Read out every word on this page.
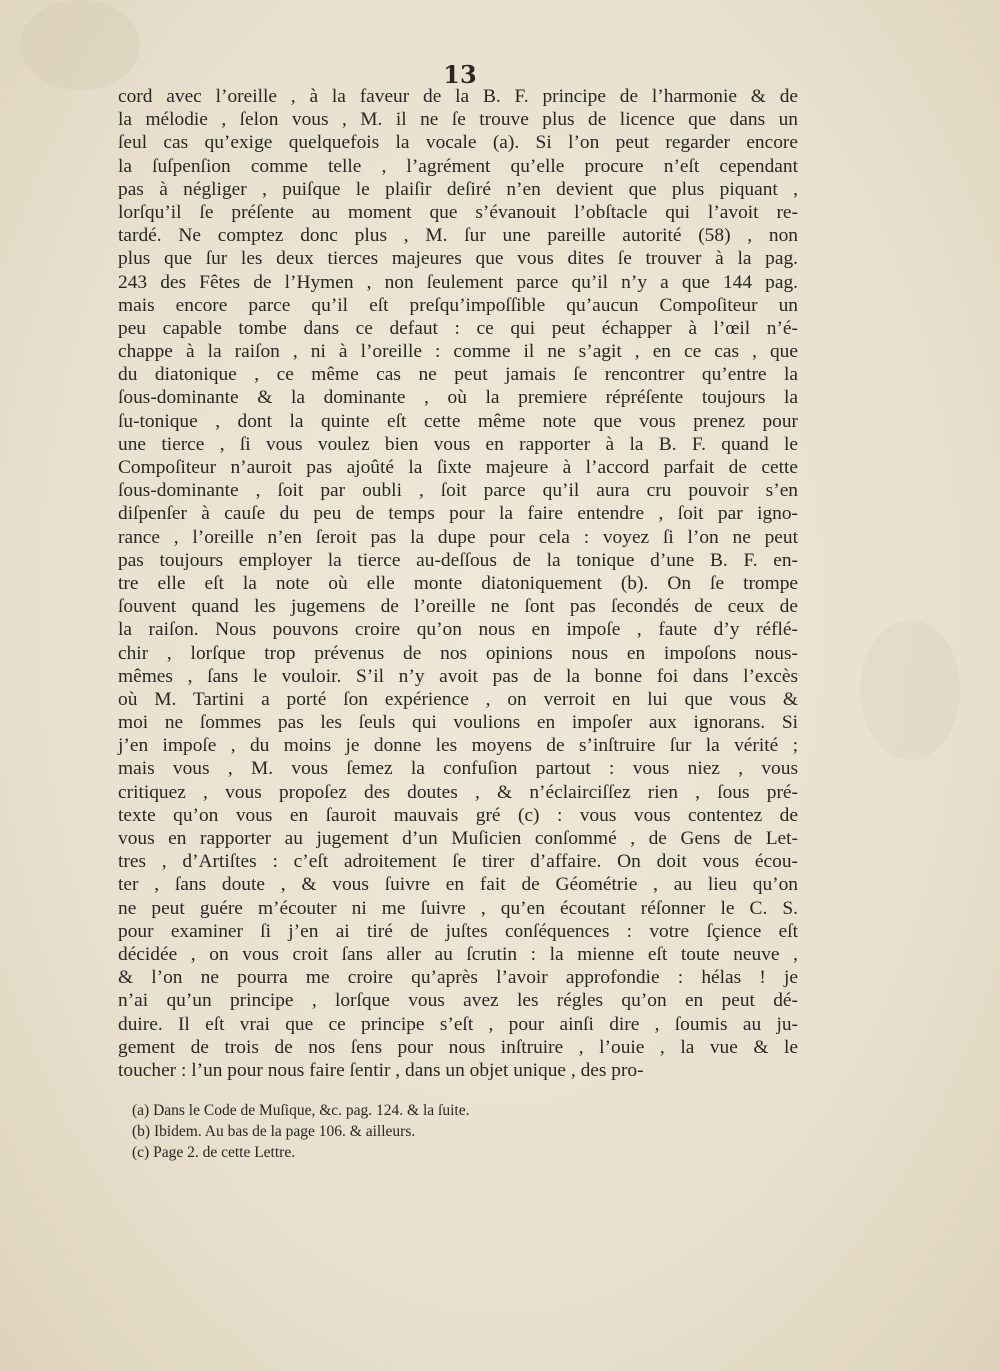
13
cord avec l’oreille , à la faveur de la B. F. principe de l’harmonie & de
la mélodie , ſelon vous , M. il ne ſe trouve plus de licence que dans un
ſeul cas qu’exige quelquefois la vocale (a). Si l’on peut regarder encore
la ſuſpenſion comme telle , l’agrément qu’elle procure n’eſt cependant
pas à négliger , puiſque le plaiſir deſiré n’en devient que plus piquant ,
lorſqu’il ſe préſente au moment que s’évanouit l’obſtacle qui l’avoit re-
tardé. Ne comptez donc plus , M. ſur une pareille autorité (58) , non
plus que ſur les deux tierces majeures que vous dites ſe trouver à la pag.
243 des Fêtes de l’Hymen , non ſeulement parce qu’il n’y a que 144 pag.
mais encore parce qu’il eſt preſqu’impoſſible qu’aucun Compoſiteur un
peu capable tombe dans ce defaut : ce qui peut échapper à l’œil n’é-
chappe à la raiſon , ni à l’oreille : comme il ne s’agit , en ce cas , que
du diatonique , ce même cas ne peut jamais ſe rencontrer qu’entre la
ſous-dominante & la dominante , où la premiere répréſente toujours la
ſu-tonique , dont la quinte eſt cette même note que vous prenez pour
une tierce , ſi vous voulez bien vous en rapporter à la B. F. quand le
Compoſiteur n’auroit pas ajoûté la ſixte majeure à l’accord parfait de cette
ſous-dominante , ſoit par oubli , ſoit parce qu’il aura cru pouvoir s’en
diſpenſer à cauſe du peu de temps pour la faire entendre , ſoit par igno-
rance , l’oreille n’en ſeroit pas la dupe pour cela : voyez ſi l’on ne peut
pas toujours employer la tierce au-deſſous de la tonique d’une B. F. en-
tre elle eſt la note où elle monte diatoniquement (b). On ſe trompe
ſouvent quand les jugemens de l’oreille ne ſont pas ſecondés de ceux de
la raiſon. Nous pouvons croire qu’on nous en impoſe , faute d’y réflé-
chir , lorſque trop prévenus de nos opinions nous en impoſons nous-
mêmes , ſans le vouloir. S’il n’y avoit pas de la bonne foi dans l’excès
où M. Tartini a porté ſon expérience , on verroit en lui que vous &
moi ne ſommes pas les ſeuls qui voulions en impoſer aux ignorans. Si
j’en impoſe , du moins je donne les moyens de s’inſtruire ſur la vérité ;
mais vous , M. vous ſemez la confuſion partout : vous niez , vous
critiquez , vous propoſez des doutes , & n’éclairciſſez rien , ſous pré-
texte qu’on vous en ſauroit mauvais gré (c) : vous vous contentez de
vous en rapporter au jugement d’un Muſicien conſommé , de Gens de Let-
tres , d’Artiſtes : c’eſt adroitement ſe tirer d’affaire. On doit vous écou-
ter , ſans doute , & vous ſuivre en fait de Géométrie , au lieu qu’on
ne peut guére m’écouter ni me ſuivre , qu’en écoutant réſonner le C. S.
pour examiner ſi j’en ai tiré de juſtes conſéquences : votre ſçience eſt
décidée , on vous croit ſans aller au ſcrutin : la mienne eſt toute neuve ,
& l’on ne pourra me croire qu’après l’avoir approfondie : hélas ! je
n’ai qu’un principe , lorſque vous avez les régles qu’on en peut dé-
duire. Il eſt vrai que ce principe s’eſt , pour ainſi dire , ſoumis au ju-
gement de trois de nos ſens pour nous inſtruire , l’ouie , la vue & le
toucher : l’un pour nous faire ſentir , dans un objet unique , des pro-
(a) Dans le Code de Muſique, &c. pag. 124. & la ſuite.
(b) Ibidem. Au bas de la page 106. & ailleurs.
(c) Page 2. de cette Lettre.
